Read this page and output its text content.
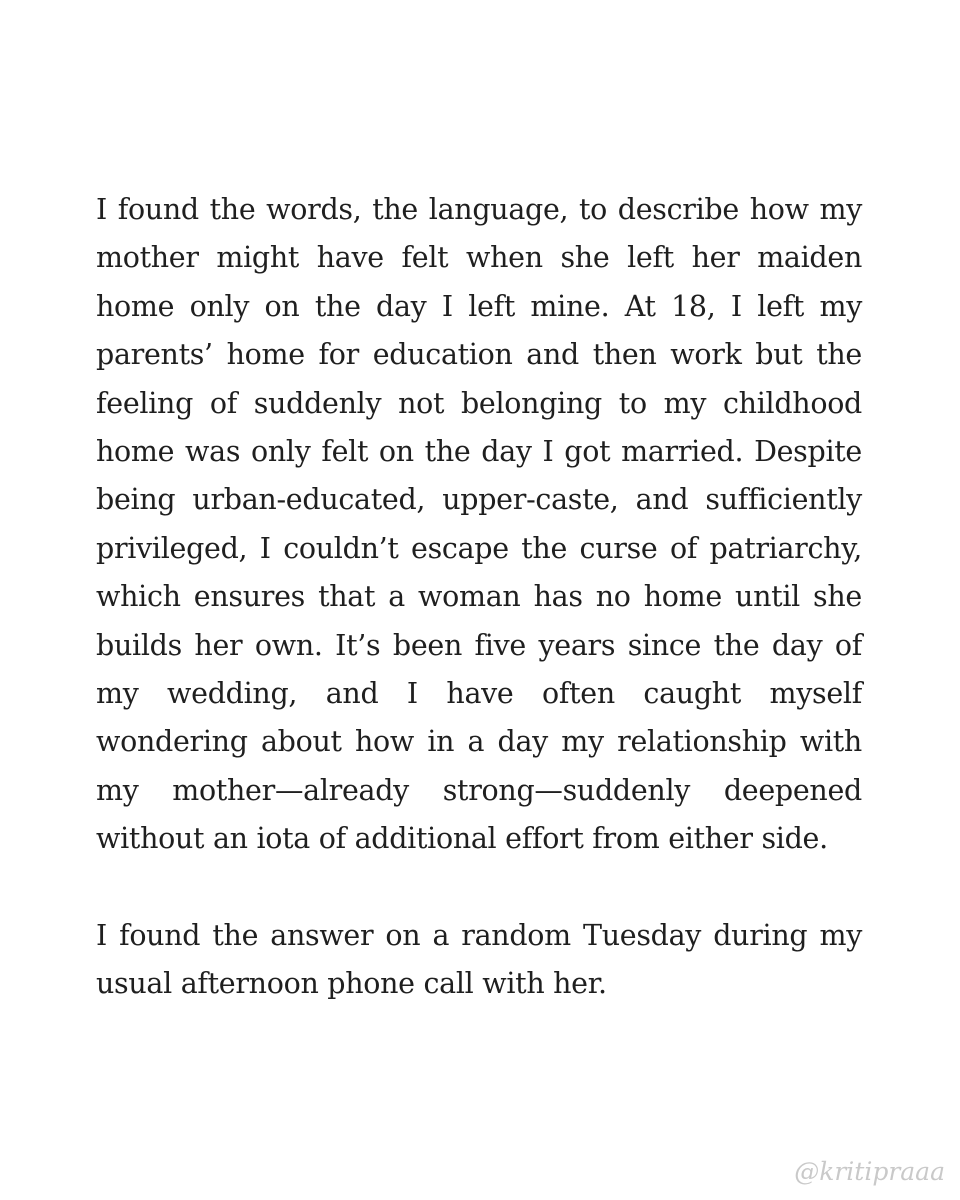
I found the words, the language, to describe how my mother might have felt when she left her maiden home only on the day I left mine. At 18, I left my parents’ home for education and then work but the feeling of suddenly not belonging to my childhood home was only felt on the day I got married. Despite being urban-educated, upper-caste, and sufficiently privileged, I couldn’t escape the curse of patriarchy, which ensures that a woman has no home until she builds her own. It’s been five years since the day of my wedding, and I have often caught myself wondering about how in a day my relationship with my mother—already strong—suddenly deepened without an iota of additional effort from either side.

I found the answer on a random Tuesday during my usual afternoon phone call with her.

@kritipraaa
